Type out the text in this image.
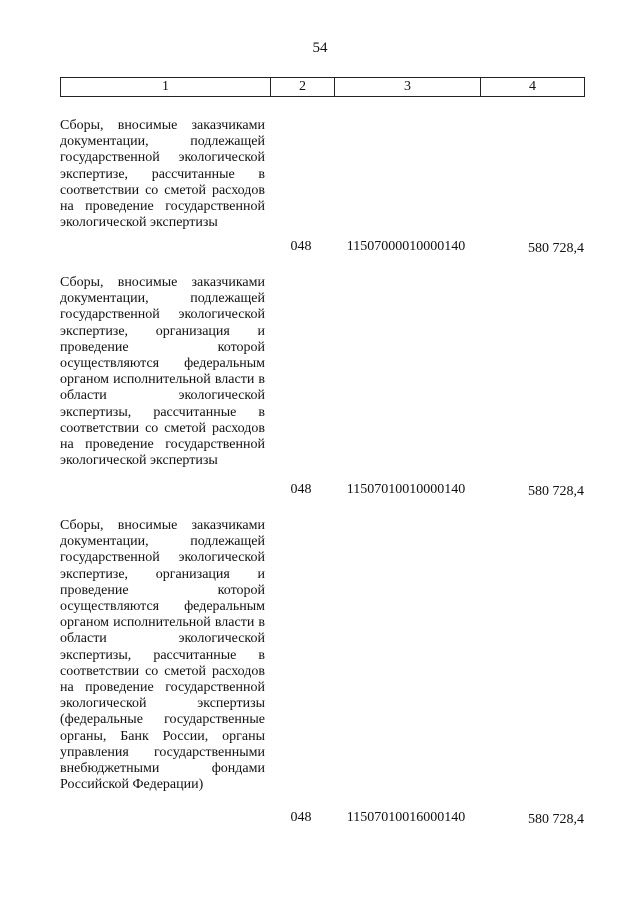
54
1	2	3	4
Сборы, вносимые заказчиками документации, подлежащей государственной экологической экспертизе, рассчитанные в соответствии со сметой расходов на проведение государственной экологической экспертизы
048	11507000010000140	580 728,4
Сборы, вносимые заказчиками документации, подлежащей государственной экологической экспертизе, организация и проведение которой осуществляются федеральным органом исполнительной власти в области экологической экспертизы, рассчитанные в соответствии со сметой расходов на проведение государственной экологической экспертизы
048	11507010010000140	580 728,4
Сборы, вносимые заказчиками документации, подлежащей государственной экологической экспертизе, организация и проведение которой осуществляются федеральным органом исполнительной власти в области экологической экспертизы, рассчитанные в соответствии со сметой расходов на проведение государственной экологической экспертизы (федеральные государственные органы, Банк России, органы управления государственными внебюджетными фондами Российской Федерации)
048	11507010016000140	580 728,4
